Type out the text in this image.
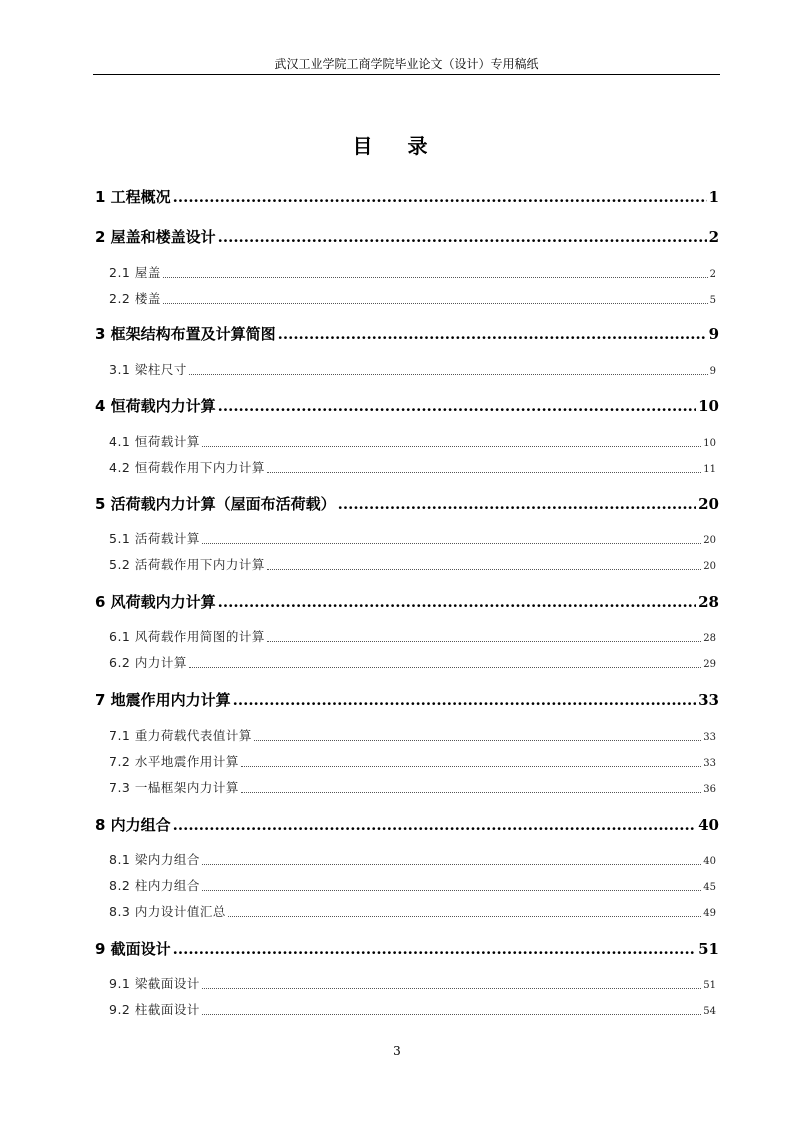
武汉工业学院工商学院毕业论文（设计）专用稿纸
目 录
1 工程概况 .....	1
2 屋盖和楼盖设计 .....	2
2.1 屋盖	2
2.2 楼盖	5
3 框架结构布置及计算简图 .....	9
3.1 梁柱尺寸	9
4 恒荷载内力计算 .....	10
4.1 恒荷载计算	10
4.2 恒荷载作用下内力计算	11
5 活荷载内力计算（屋面布活荷载） .....	20
5.1 活荷载计算	20
5.2 活荷载作用下内力计算	20
6 风荷载内力计算 .....	28
6.1 风荷载作用简图的计算	28
6.2 内力计算	29
7 地震作用内力计算 .....	33
7.1 重力荷载代表值计算	33
7.2 水平地震作用计算	33
7.3 一榀框架内力计算	36
8 内力组合 .....	40
8.1 梁内力组合	40
8.2 柱内力组合	45
8.3 内力设计值汇总	49
9 截面设计 .....	51
9.1 梁截面设计	51
9.2 柱截面设计	54
3
